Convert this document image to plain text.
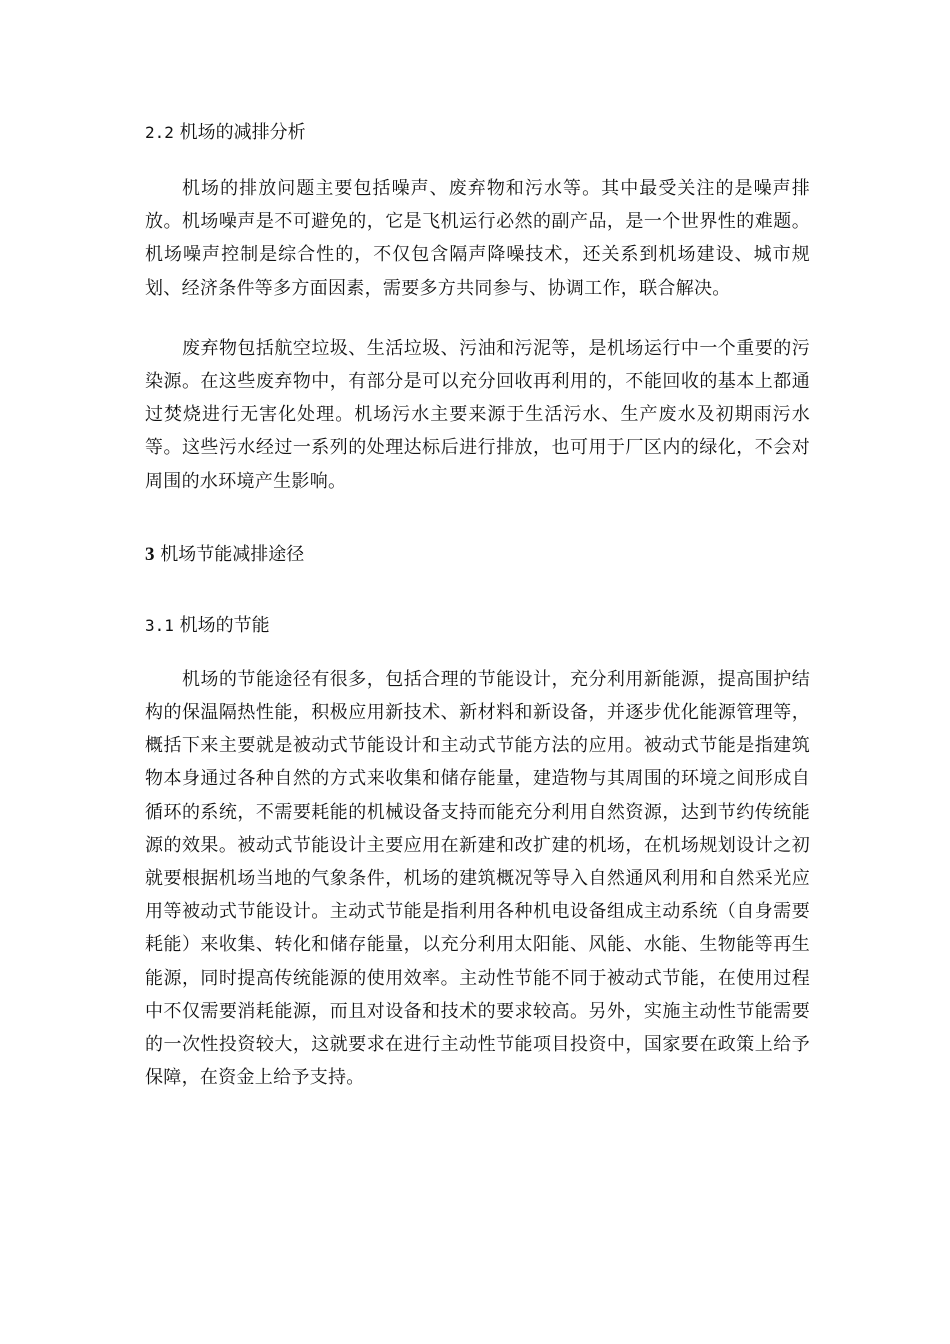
2.2 机场的减排分析

机场的排放问题主要包括噪声、废弃物和污水等。其中最受关注的是噪声排放。机场噪声是不可避免的，它是飞机运行必然的副产品，是一个世界性的难题。机场噪声控制是综合性的，不仅包含隔声降噪技术，还关系到机场建设、城市规划、经济条件等多方面因素，需要多方共同参与、协调工作，联合解决。

废弃物包括航空垃圾、生活垃圾、污油和污泥等，是机场运行中一个重要的污染源。在这些废弃物中，有部分是可以充分回收再利用的，不能回收的基本上都通过焚烧进行无害化处理。机场污水主要来源于生活污水、生产废水及初期雨污水等。这些污水经过一系列的处理达标后进行排放，也可用于厂区内的绿化，不会对周围的水环境产生影响。

3 机场节能减排途径
3.1 机场的节能

机场的节能途径有很多，包括合理的节能设计，充分利用新能源，提高围护结构的保温隔热性能，积极应用新技术、新材料和新设备，并逐步优化能源管理等，概括下来主要就是被动式节能设计和主动式节能方法的应用。被动式节能是指建筑物本身通过各种自然的方式来收集和储存能量，建造物与其周围的环境之间形成自循环的系统，不需要耗能的机械设备支持而能充分利用自然资源，达到节约传统能源的效果。被动式节能设计主要应用在新建和改扩建的机场，在机场规划设计之初就要根据机场当地的气象条件，机场的建筑概况等导入自然通风利用和自然采光应用等被动式节能设计。主动式节能是指利用各种机电设备组成主动系统（自身需要耗能）来收集、转化和储存能量，以充分利用太阳能、风能、水能、生物能等再生能源，同时提高传统能源的使用效率。主动性节能不同于被动式节能，在使用过程中不仅需要消耗能源，而且对设备和技术的要求较高。另外，实施主动性节能需要的一次性投资较大，这就要求在进行主动性节能项目投资中，国家要在政策上给予保障，在资金上给予支持。
